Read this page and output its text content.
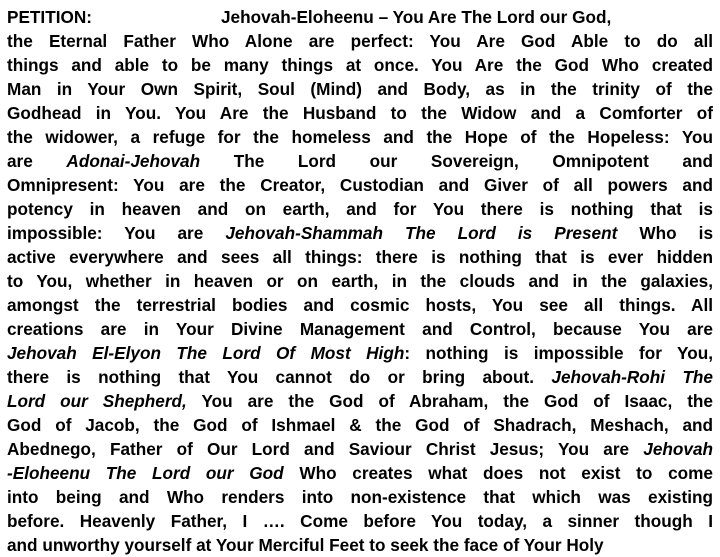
PETITION:	Jehovah-Eloheenu – You Are The Lord our God,
the Eternal Father Who Alone are perfect: You Are God Able to do all
things and able to be many things at once. You Are the God Who created
Man in Your Own Spirit, Soul (Mind) and Body, as in the trinity of the
Godhead in You. You Are the Husband to the Widow and a Comforter of
the widower, a refuge for the homeless and the Hope of the Hopeless: You
are Adonai-Jehovah The Lord our Sovereign, Omnipotent and
Omnipresent: You are the Creator, Custodian and Giver of all powers and
potency in heaven and on earth, and for You there is nothing that is
impossible: You are Jehovah-Shammah The Lord is Present Who is
active everywhere and sees all things: there is nothing that is ever hidden
to You, whether in heaven or on earth, in the clouds and in the galaxies,
amongst the terrestrial bodies and cosmic hosts, You see all things. All
creations are in Your Divine Management and Control, because You are
Jehovah El-Elyon The Lord Of Most High: nothing is impossible for You,
there is nothing that You cannot do or bring about. Jehovah-Rohi The
Lord our Shepherd, You are the God of Abraham, the God of Isaac, the
God of Jacob, the God of Ishmael & the God of Shadrach, Meshach, and
Abednego, Father of Our Lord and Saviour Christ Jesus; You are Jehovah
-Eloheenu The Lord our God Who creates what does not exist to come
into being and Who renders into non-existence that which was existing
before. Heavenly Father, I …. Come before You today, a sinner though I
and unworthy yourself at Your Merciful Feet to seek the face of Your Holy
